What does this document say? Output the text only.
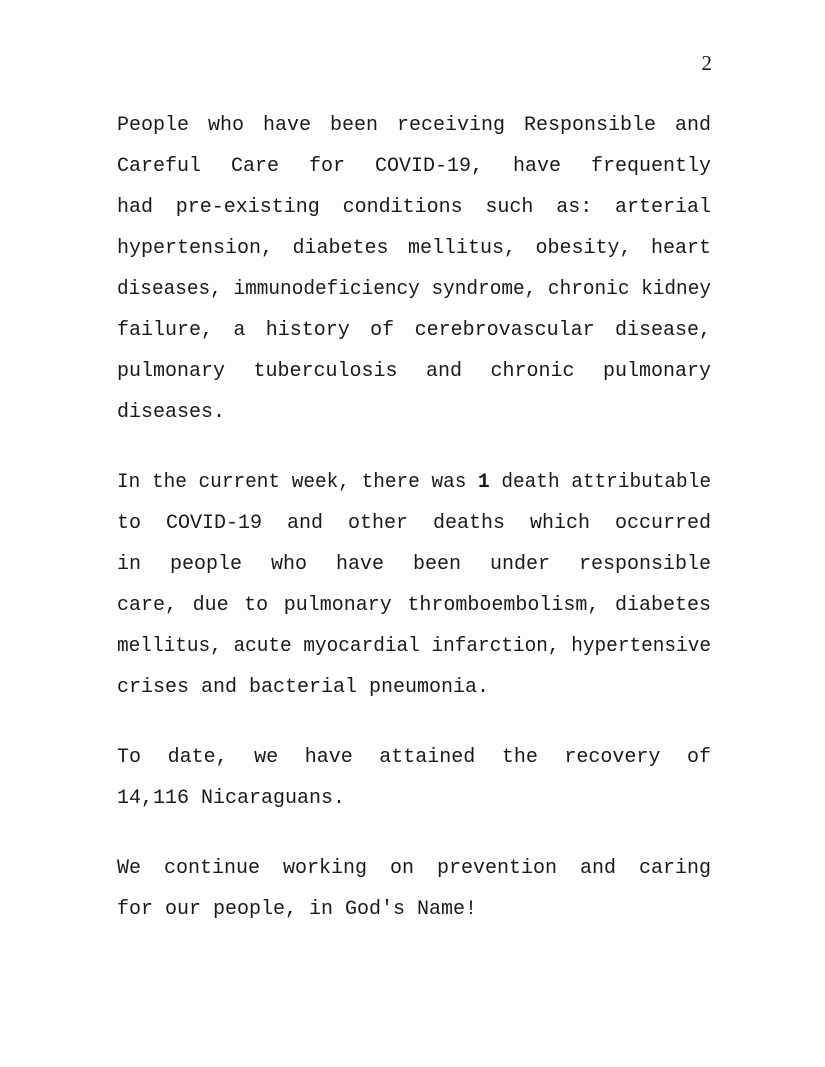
2
People who have been receiving Responsible and
Careful Care for COVID-19, have frequently
had pre-existing conditions such as: arterial
hypertension, diabetes mellitus, obesity, heart
diseases, immunodeficiency syndrome, chronic kidney
failure, a history of cerebrovascular disease,
pulmonary tuberculosis and chronic pulmonary
diseases.
In the current week, there was 1 death attributable
to COVID-19 and other deaths which occurred
in people who have been under responsible
care, due to pulmonary thromboembolism, diabetes
mellitus, acute myocardial infarction, hypertensive
crises and bacterial pneumonia.
To date, we have attained the recovery of
14,116 Nicaraguans.
We continue working on prevention and caring
for our people, in God's Name!
